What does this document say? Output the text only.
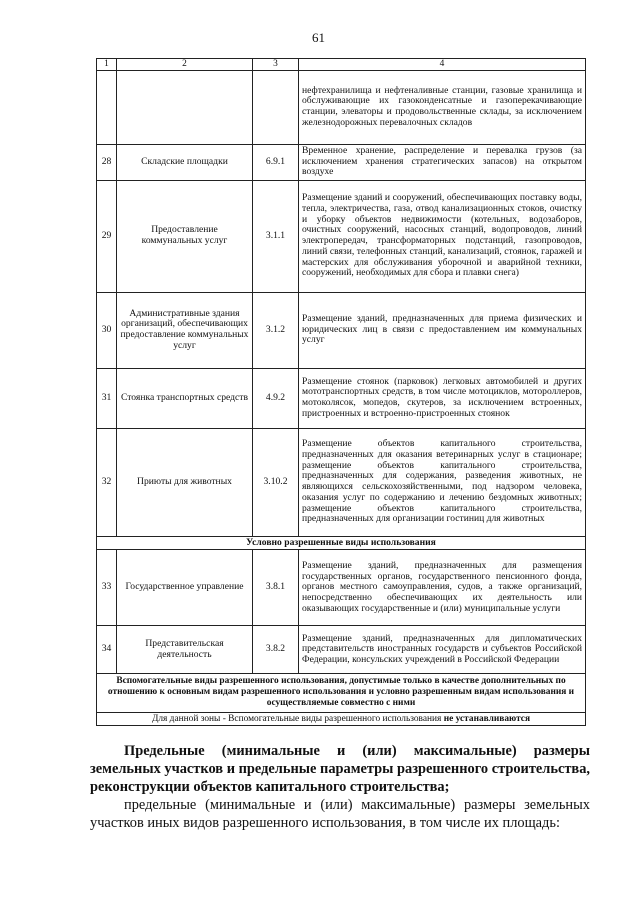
61
1	2	3	4
			нефтехранилища и нефтеналивные станции, газовые хранилища и обслуживающие их газоконденсатные и газоперекачивающие станции, элеваторы и продовольственные склады, за исключением железнодорожных перевалочных складов
28	Складские площадки	6.9.1	Временное хранение, распределение и перевалка грузов (за исключением хранения стратегических запасов) на открытом воздухе
29	Предоставление коммунальных услуг	3.1.1	Размещение зданий и сооружений, обеспечивающих поставку воды, тепла, электричества, газа, отвод канализационных стоков, очистку и уборку объектов недвижимости (котельных, водозаборов, очистных сооружений, насосных станций, водопроводов, линий электропередач, трансформаторных подстанций, газопроводов, линий связи, телефонных станций, канализаций, стоянок, гаражей и мастерских для обслуживания уборочной и аварийной техники, сооружений, необходимых для сбора и плавки снега)
30	Административные здания организаций, обеспечивающих предоставление коммунальных услуг	3.1.2	Размещение зданий, предназначенных для приема физических и юридических лиц в связи с предоставлением им коммунальных услуг
31	Стоянка транспортных средств	4.9.2	Размещение стоянок (парковок) легковых автомобилей и других мототранспортных средств, в том числе мотоциклов, мотороллеров, мотоколясок, мопедов, скутеров, за исключением встроенных, пристроенных и встроенно-пристроенных стоянок
32	Приюты для животных	3.10.2	Размещение объектов капитального строительства, предназначенных для оказания ветеринарных услуг в стационаре; размещение объектов капитального строительства, предназначенных для содержания, разведения животных, не являющихся сельскохозяйственными, под надзором человека, оказания услуг по содержанию и лечению бездомных животных; размещение объектов капитального строительства, предназначенных для организации гостиниц для животных
Условно разрешенные виды использования			
33	Государственное управление	3.8.1	Размещение зданий, предназначенных для размещения государственных органов, государственного пенсионного фонда, органов местного самоуправления, судов, а также организаций, непосредственно обеспечивающих их деятельность или оказывающих государственные и (или) муниципальные услуги
34	Представительская деятельность	3.8.2	Размещение зданий, предназначенных для дипломатических представительств иностранных государств и субъектов Российской Федерации, консульских учреждений в Российской Федерации
Вспомогательные виды разрешенного использования, допустимые только в качестве дополнительных по отношению к основным видам разрешенного использования и условно разрешенным видам использования и осуществляемые совместно с ними			
Для данной зоны - Вспомогательные виды разрешенного использования не устанавливаются			
Предельные (минимальные и (или) максимальные) размеры земельных участков и предельные параметры разрешенного строительства, реконструкции объектов капитального строительства;
предельные (минимальные и (или) максимальные) размеры земельных участков иных видов разрешенного использования, в том числе их площадь:
